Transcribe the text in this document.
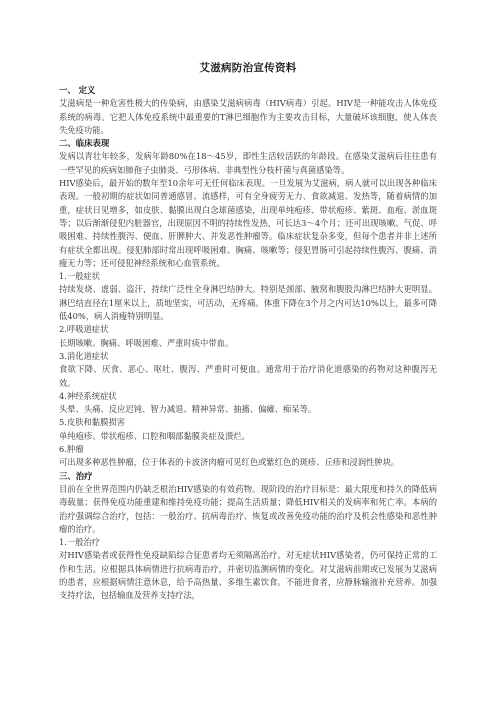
艾滋病防治宣传资料
一、 定义

艾滋病是一种危害性极大的传染病，由感染艾滋病病毒（HIV病毒）引起。HIV是一种能攻击人体免疫系统的病毒。它把人体免疫系统中最重要的T淋巴细胞作为主要攻击目标，大量破坏该细胞，使人体丧失免疫功能。

二、临床表现

发病以青壮年较多，发病年龄80%在18～45岁，即性生活较活跃的年龄段。在感染艾滋病后往往患有一些罕见的疾病如肺孢子虫肺炎、弓形体病、非典型性分枝杆菌与真菌感染等。

HIV感染后，最开始的数年至10余年可无任何临床表现。一旦发展为艾滋病，病人就可以出现各种临床表现。一般初期的症状如同普通感冒、流感样，可有全身疲劳无力、食欲减退、发热等，随着病情的加重，症状日见增多，如皮肤、黏膜出现白念球菌感染，出现单纯疱疹、带状疱疹、紫斑、血疱、淤血斑等；以后渐渐侵犯内脏器官，出现原因不明的持续性发热，可长达3～4个月；还可出现咳嗽、气促、呼吸困难、持续性腹泻、便血、肝脾肿大、并发恶性肿瘤等。临床症状复杂多变，但每个患者并非上述所有症状全都出现。侵犯肺部时常出现呼吸困难、胸痛、咳嗽等；侵犯胃肠可引起持续性腹泻、腹痛、消瘦无力等；还可侵犯神经系统和心血管系统。

1.一般症状

持续发烧、虚弱、盗汗，持续广泛性全身淋巴结肿大。特别是颈部、腋窝和腹股沟淋巴结肿大更明显。淋巴结直径在1厘米以上，质地坚实，可活动，无疼痛。体重下降在3个月之内可达10%以上，最多可降低40%，病人消瘦特别明显。

2.呼吸道症状

长期咳嗽、胸痛、呼吸困难、严重时痰中带血。

3.消化道症状

食欲下降、厌食、恶心、呕吐、腹泻、严重时可便血。通常用于治疗消化道感染的药物对这种腹泻无效。

4.神经系统症状

头晕、头痛、反应迟钝、智力减退、精神异常、抽搐、偏瘫、痴呆等。

5.皮肤和黏膜损害

单纯疱疹、带状疱疹、口腔和咽部黏膜炎症及溃烂。

6.肿瘤

可出现多种恶性肿瘤，位于体表的卡波济肉瘤可见红色或紫红色的斑疹、丘疹和浸润性肿块。

三、治疗

目前在全世界范围内仍缺乏根治HIV感染的有效药物。现阶段的治疗目标是：最大限度和持久的降低病毒载量；获得免疫功能重建和维持免疫功能；提高生活质量；降低HIV相关的发病率和死亡率。本病的治疗强调综合治疗，包括：一般治疗、抗病毒治疗、恢复或改善免疫功能的治疗及机会性感染和恶性肿瘤的治疗。

1.一般治疗

对HIV感染者或获得性免疫缺陷综合征患者均无须隔离治疗。对无症状HIV感染者，仍可保持正常的工作和生活。应根据具体病情进行抗病毒治疗，并密切监测病情的变化。对艾滋病前期或已发展为艾滋病的患者，应根据病情注意休息，给予高热量、多维生素饮食。不能进食者，应静脉输液补充营养。加强支持疗法，包括输血及营养支持疗法，
